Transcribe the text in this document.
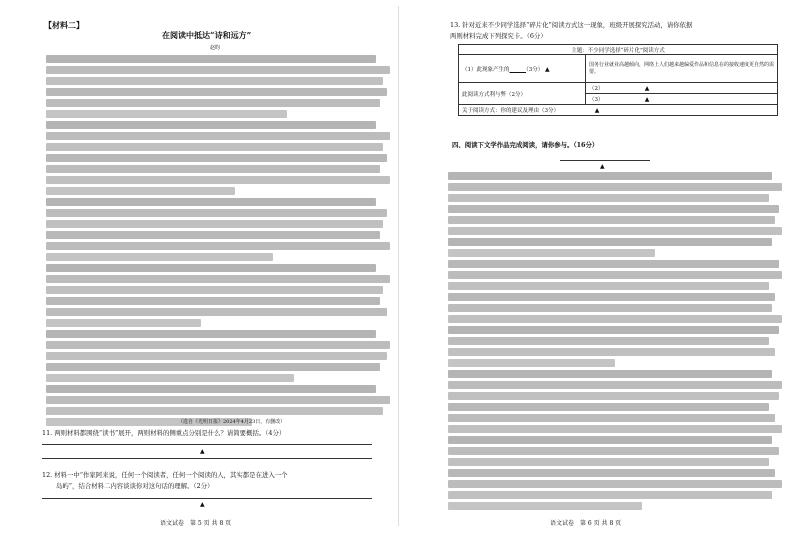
【材料二】
在阅读中抵达“诗和远方”
赵昀
（选自《光明日报》2024年4月23日，有删改）
11. 两则材料都围绕“读书”展开，两则材料的侧重点分别是什么？请简要概括。（4分）
▲
12. 材料一中“作家阿来说，任何一个阅读者，任何一个阅读的人，其实都是在进入一个
岛屿”，结合材料二内容谈谈你对这句话的理解。（2分）
▲
语文试卷　第 5 页 共 8 页
13. 针对近来不少同学选择“碎片化”阅读方式这一现象，班级开展探究活动，请你依据
两则材料完成下列探究卡。（6分）
主题：不少同学选择“碎片化”阅读方式	
（1）此现象产生的　　　 （3分） ▲	国务行业就业高越倾向，网络上人们越来越偏爱作品和信息在的接收速度更自然的需要。
此阅读方式利与弊（2分）	（2）　　　　　　　　 ▲
	（3）　　　　　　　　 ▲
关于阅读方式：你的建议及理由（3分）　　　　　　　 ▲	
四、阅读下文学作品完成阅读，请你参与。（16分）
▲
语文试卷　第 6 页 共 8 页
